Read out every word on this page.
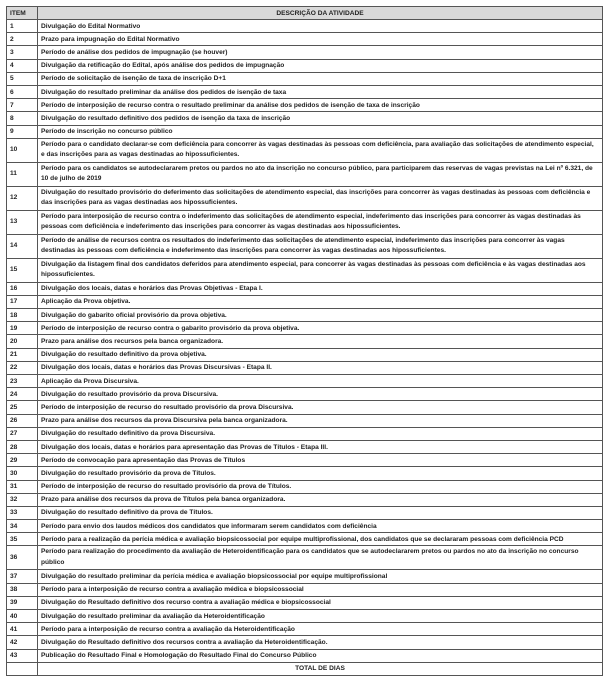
ITEM	DESCRIÇÃO DA ATIVIDADE
1	Divulgação do Edital Normativo
2	Prazo para impugnação do Edital Normativo
3	Período de análise dos pedidos de impugnação (se houver)
4	Divulgação da retificação do Edital, após análise dos pedidos de impugnação
5	Período de solicitação de isenção de taxa de inscrição D+1
6	Divulgação do resultado preliminar da análise dos pedidos de isenção de taxa
7	Período de interposição de recurso contra o resultado preliminar da análise dos pedidos de isenção de taxa de inscrição
8	Divulgação do resultado definitivo dos pedidos de isenção da taxa de inscrição
9	Período de inscrição no concurso público
10	Período para o candidato declarar-se com deficiência para concorrer às vagas destinadas às pessoas com deficiência, para avaliação das solicitações de atendimento especial, e das inscrições para as vagas destinadas ao hipossuficientes.
11	Período para os candidatos se autodeclararem pretos ou pardos no ato da inscrição no concurso público, para participarem das reservas de vagas previstas na Lei nº 6.321, de 10 de julho de 2019
12	Divulgação do resultado provisório do deferimento das solicitações de atendimento especial, das inscrições para concorrer às vagas destinadas às pessoas com deficiência e das inscrições para as vagas destinadas aos hipossuficientes.
13	Período para interposição de recurso contra o indeferimento das solicitações de atendimento especial, indeferimento das inscrições para concorrer às vagas destinadas às pessoas com deficiência e indeferimento das inscrições para concorrer às vagas destinadas aos hipossuficientes.
14	Período de análise de recursos contra os resultados do indeferimento das solicitações de atendimento especial, indeferimento das inscrições para concorrer às vagas destinadas às pessoas com deficiência e indeferimento das inscrições para concorrer às vagas destinadas aos hipossuficientes.
15	Divulgação da listagem final dos candidatos deferidos para atendimento especial, para concorrer às vagas destinadas às pessoas com deficiência e às vagas destinadas aos hipossuficientes.
16	Divulgação dos locais, datas e horários das Provas Objetivas - Etapa I.
17	Aplicação da Prova objetiva.
18	Divulgação do gabarito oficial provisório da prova objetiva.
19	Período de interposição de recurso contra o gabarito provisório da prova objetiva.
20	Prazo para análise dos recursos pela banca organizadora.
21	Divulgação do resultado definitivo da prova objetiva.
22	Divulgação dos locais, datas e horários das Provas Discursivas - Etapa II.
23	Aplicação da Prova Discursiva.
24	Divulgação do resultado provisório da prova Discursiva.
25	Período de interposição de recurso do resultado provisório da prova Discursiva.
26	Prazo para análise dos recursos da prova Discursiva pela banca organizadora.
27	Divulgação do resultado definitivo da prova Discursiva.
28	Divulgação dos locais, datas e horários para apresentação das Provas de Títulos - Etapa III.
29	Período de convocação para apresentação das Provas de Títulos
30	Divulgação do resultado provisório da prova de Títulos.
31	Período de interposição de recurso do resultado provisório da prova de Títulos.
32	Prazo para análise dos recursos da prova de Títulos pela banca organizadora.
33	Divulgação do resultado definitivo da prova de Títulos.
34	Período para envio dos laudos médicos dos candidatos que informaram serem candidatos com deficiência
35	Período para a realização da perícia médica e avaliação biopsicossocial por equipe multiprofissional, dos candidatos que se declararam pessoas com deficiência PCD
36	Período para realização do procedimento da avaliação de Heteroidentificação para os candidatos que se autodeclararem pretos ou pardos no ato da inscrição no concurso público
37	Divulgação do resultado preliminar da perícia médica e avaliação biopsicossocial por equipe multiprofissional
38	Período para a interposição de recurso contra a avaliação médica e biopsicossocial
39	Divulgação do Resultado definitivo dos recurso contra a avaliação médica e biopsicossocial
40	Divulgação do resultado preliminar da avaliação da Heteroidentificação
41	Período para a interposição de recurso contra a avaliação da Heteroidentificação
42	Divulgação do Resultado definitivo dos recursos contra a avaliação da Heteroidentificação.
43	Publicação do Resultado Final e Homologação do Resultado Final do Concurso Público
	TOTAL DE DIAS
